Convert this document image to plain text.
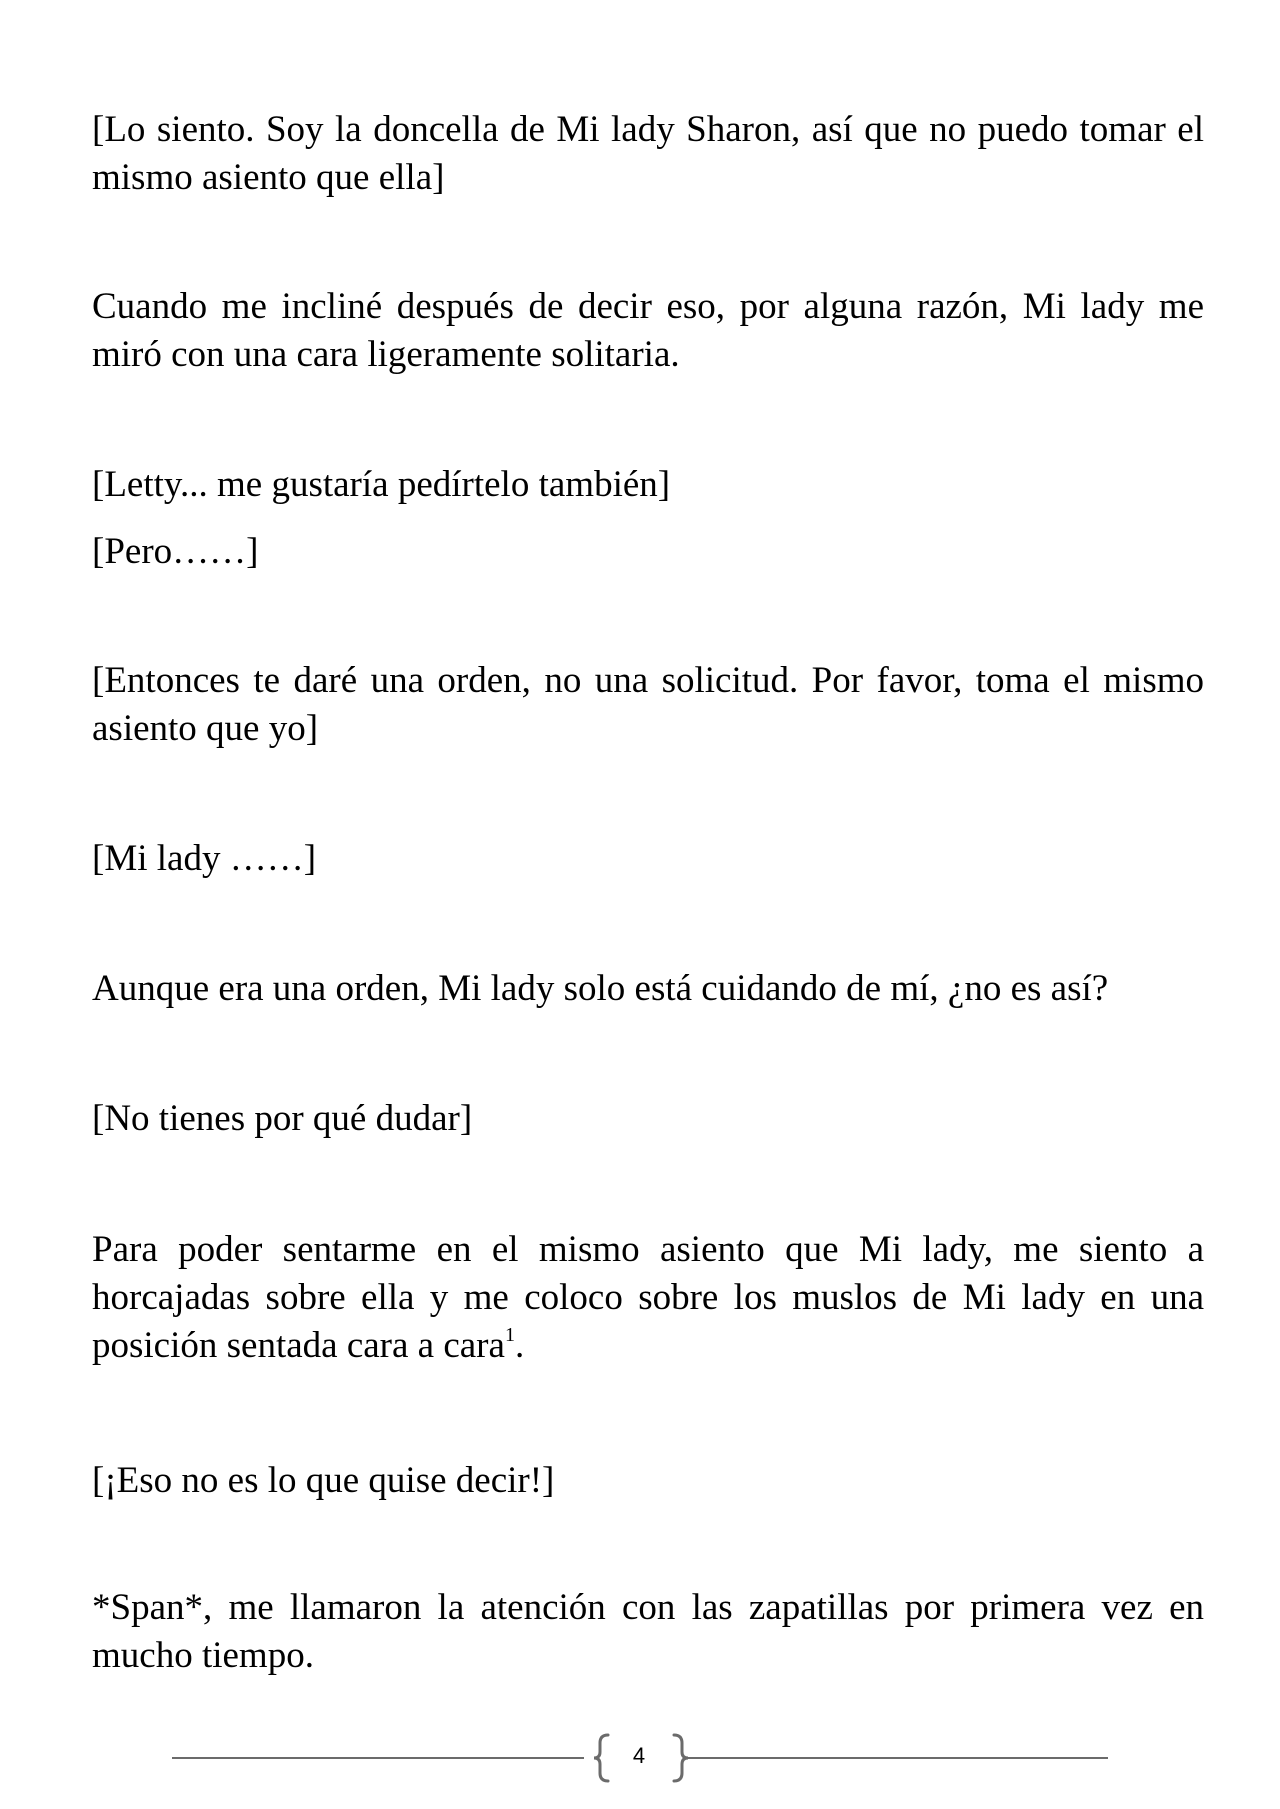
[Lo siento. Soy la doncella de Mi lady Sharon, así que no puedo tomar el mismo asiento que ella]

Cuando me incliné después de decir eso, por alguna razón, Mi lady me miró con una cara ligeramente solitaria.

[Letty... me gustaría pedírtelo también]

[Pero……]

[Entonces te daré una orden, no una solicitud. Por favor, toma el mismo asiento que yo]

[Mi lady ……]

Aunque era una orden, Mi lady solo está cuidando de mí, ¿no es así?

[No tienes por qué dudar]

Para poder sentarme en el mismo asiento que Mi lady, me siento a horcajadas sobre ella y me coloco sobre los muslos de Mi lady en una posición sentada cara a cara$^1$.

[¡Eso no es lo que quise decir!]

*Span*, me llamaron la atención con las zapatillas por primera vez en mucho tiempo.

4
